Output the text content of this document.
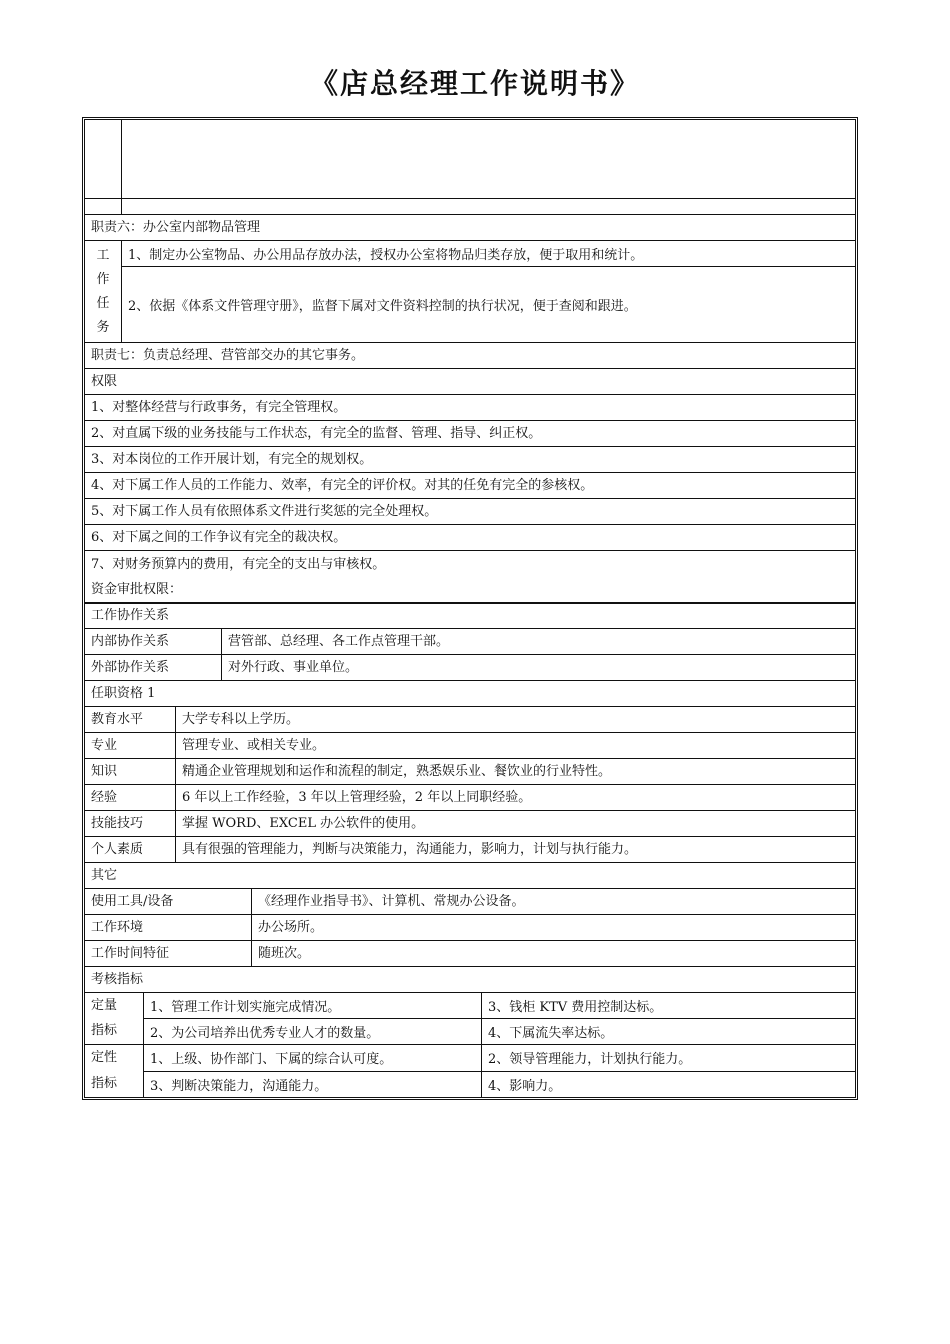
《店总经理工作说明书》
职责六：办公室内部物品管理
工
作
任
务
1、制定办公室物品、办公用品存放办法，授权办公室将物品归类存放，便于取用和统计。
2、依据《体系文件管理守册》，监督下属对文件资料控制的执行状况，便于查阅和跟进。
职责七：负责总经理、营管部交办的其它事务。
权限
1、对整体经营与行政事务，有完全管理权。
2、对直属下级的业务技能与工作状态，有完全的监督、管理、指导、纠正权。
3、对本岗位的工作开展计划，有完全的规划权。
4、对下属工作人员的工作能力、效率，有完全的评价权。对其的任免有完全的参核权。
5、对下属工作人员有依照体系文件进行奖惩的完全处理权。
6、对下属之间的工作争议有完全的裁决权。
7、对财务预算内的费用，有完全的支出与审核权。
资金审批权限：
工作协作关系
内部协作关系	营管部、总经理、各工作点管理干部。
外部协作关系	对外行政、事业单位。
任职资格 1
教育水平	大学专科以上学历。
专业	管理专业、或相关专业。
知识	精通企业管理规划和运作和流程的制定，熟悉娱乐业、餐饮业的行业特性。
经验	6 年以上工作经验，3 年以上管理经验，2 年以上同职经验。
技能技巧	掌握 WORD、EXCEL 办公软件的使用。
个人素质	具有很强的管理能力，判断与决策能力，沟通能力，影响力，计划与执行能力。
其它
使用工具/设备	《经理作业指导书》、计算机、常规办公设备。
工作环境	办公场所。
工作时间特征	随班次。
考核指标
定量
指标
1、管理工作计划实施完成情况。	3、钱柜 KTV 费用控制达标。
2、为公司培养出优秀专业人才的数量。	4、下属流失率达标。
定性
指标
1、上级、协作部门、下属的综合认可度。	2、领导管理能力，计划执行能力。
3、判断决策能力，沟通能力。	4、影响力。
